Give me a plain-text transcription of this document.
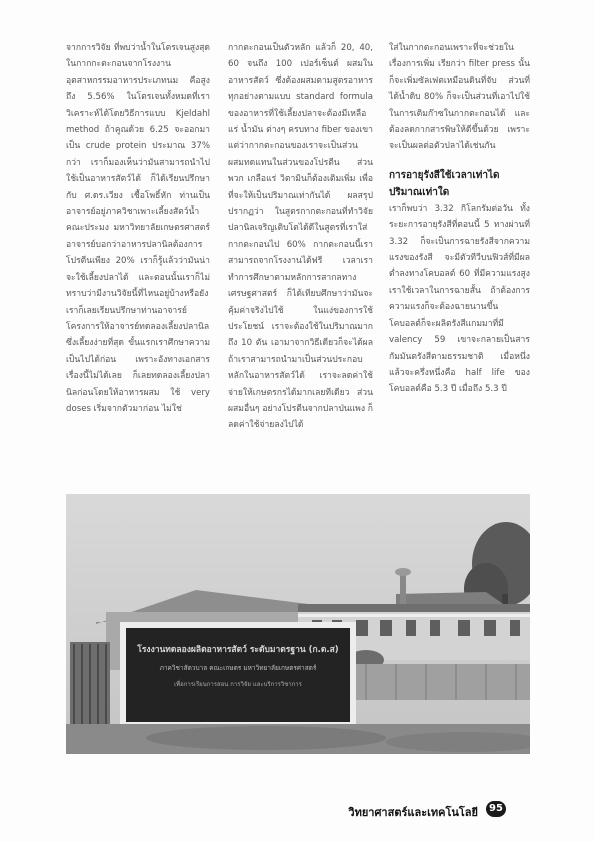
จากการวิจัย ที่พบว่าน้ำในโตรเจนสูงสุดในกากกะตะกอนจากโรงงานอุตสาหกรรมอาหารประเภทนม คือสูงถึง 5.56% ในโตรเจนทั้งหมดที่เราวิเคราะห์ได้โดยวิธีการแบบ Kjeldahl method ถ้าคูณด้วย 6.25 จะออกมาเป็น crude protein ประมาณ 37% กว่า เราก็มองเห็นว่ามันสามารถนำไปใช้เป็นอาหารสัตว์ได้ ก็ได้เรียนปรึกษากับ ศ.ดร.เวียง เชื้อโพธิ์หัก ท่านเป็นอาจารย์อยู่ภาควิชาเพาะเลี้ยงสัตว์น้ำ คณะประมง มหาวิทยาลัยเกษตรศาสตร์ อาจารย์บอกว่าอาหารปลานิลต้องการ โปรตีนเพียง 20% เราก็รู้แล้วว่ามันน่าจะใช้เลี้ยงปลาได้ และตอนนั้นเราก็ไม่ทราบว่ามีงานวิจัยนี้ที่ไหนอยู่บ้างหรือยัง เราก็เลยเรียนปรึกษาท่านอาจารย์โครงการให้อาจารย์ทดลองเลี้ยงปลานิล ซึ่งเลี้ยงง่ายที่สุด ขั้นแรกเราศึกษาความเป็นไปได้ก่อน เพราะอังทางเอกสารเรื่องนี้ไม่ได้เลย ก็เลยทดลองเลี้ยงปลานิลก่อนโดยให้อาหารผสม ใช้ very doses เริ่มจากตัวมาก่อน ไม่ใช่

กากตะกอนเป็นตัวหลัก แล้วก็ 20, 40, 60 จนถึง 100 เปอร์เซ็นต์ ผสมในอาหารสัตว์ ซึ่งต้องผสมตามสูตรอาหารทุกอย่างตามแบบ standard formula ของอาหารที่ใช้เลี้ยงปลาจะต้องมีเหลือแร่ น้ำมัน ต่างๆ ครบทาง fiber ของเขา แต่ว่ากากตะกอนของเราจะเป็นส่วนผสมทดแทนในส่วนของโปรตีน ส่วนพวก เกลือแร่ วิตามินก็ต้องเติมเพิ่ม เพื่อที่จะให้เป็นปริมาณเท่ากันได้ ผลสรุปปรากฏว่า ในสูตรกากตะกอนที่ทำวิจัยปลานิลเจริญเติบโตได้ดีในสูตรที่เราใส่กากตะกอนไป 60% กากตะกอนนี้เราสามารถจากโรงงานได้ฟรี เวลาเราทำการศึกษาตามหลักการสากลทางเศรษฐศาสตร์ ก็ได้เทียบศึกษาว่ามันจะคุ้มค่าจริงไปใช้ ในแง่ของการใช้ประโยชน์ เราจะต้องใช้ในปริมาณมากถึง 10 ตัน เอามาจากวิธีเดียวก็จะได้ผล ถ้าเราสามารถนำมาเป็นส่วนประกอบหลักในอาหารสัตว์ได้ เราจะลดค่าใช้จ่ายให้เกษตรกรได้มากเลยทีเดียว ส่วนผสมอื่นๆ อย่างโปรตีนจากปลาป่นแพง ก็ลดค่าใช้จ่ายลงไปได้

ใส่ในกากตะกอนเพราะที่จะช่วยในเรื่องการเพิ่ม เรียกว่า filter press นั้นก็จะเพิ่มซัลเฟตเหมือนดินที่จับ ส่วนที่ได้น้ำดิบ 80% ก็จะเป็นส่วนที่เอาไปใช้ในการเติมก๊าซในกากตะกอนได้ และต้องลดกากสารพิษให้ดีขึ้นด้วย เพราะจะเป็นผลต่อตัวปลาได้เช่นกัน

การอายุรังสีใช้เวลาเท่าไดปริมาณเท่าใด

เราก็พบว่า 3.32 กิโลกรัมต่อวัน ทั้งระยะการอายุรังสีที่ตอนนี้ 5 ทางผ่านที่ 3.32 ก็จะเป็นการฉายรังสีจากความแรงของรังสี จะมีตัวทีวีบนฟิวส์ที่มีผลต่ำลงทางโคบอลต์ 60 ที่มีความแรงสูงเราใช้เวลาในการฉายสั้น ถ้าต้องการความแรงก็จะต้องฉายนานขึ้น โคบอลต์ก็จะผลิตรังสีแกมมาที่มี valency 59 เขาจะกลายเป็นสารกัมมันตรังสีตามธรรมชาติ เมื่อหนึ่งแล้วจะครึ่งหนึ่งคือ half life ของโคบอลต์คือ 5.3 ปี เมื่อถึง 5.3 ปี

โรงงานทดลองผลิตอาหารสัตว์ ระดับมาตรฐาน (ก.ด.ส)
ภาควิชาสัตวบาล คณะเกษตร มหาวิทยาลัยเกษตรศาสตร์
เพื่อการเรียนการสอน การวิจัย และบริการวิชาการ
วิทยาศาสตร์และเทคโนโลยี	95
